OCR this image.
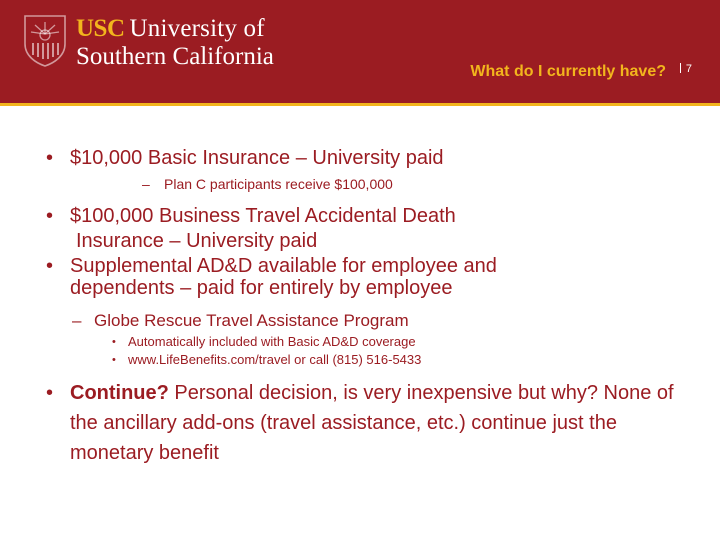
USC University of
Southern California
What do I currently have?	7
• $10,000 Basic Insurance – University paid
– Plan C participants receive $100,000
• $100,000 Business Travel Accidental Death
Insurance – University paid
• Supplemental AD&D available for employee and
dependents – paid for entirely by employee
– Globe Rescue Travel Assistance Program
• Automatically included with Basic AD&D coverage
• www.LifeBenefits.com/travel or call (815) 516-5433
• Continue? Personal decision, is very inexpensive but why? None of the ancillary add-ons (travel assistance, etc.) continue just the monetary benefit
